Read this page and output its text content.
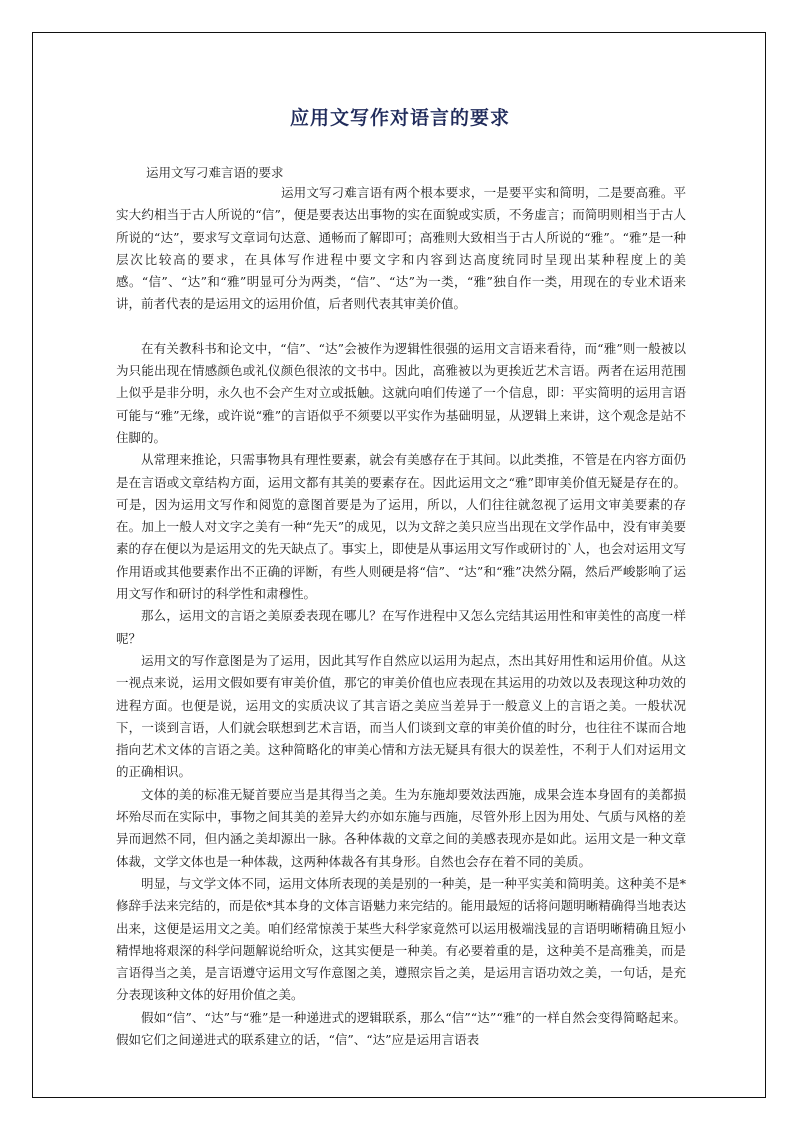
应用文写作对语言的要求
运用文写刁难言语的要求

运用文写刁难言语有两个根本要求，一是要平实和简明，二是要高雅。平实大约相当于古人所说的“信”，便是要表达出事物的实在面貌或实质，不务虚言；而简明则相当于古人所说的“达”，要求写文章词句达意、通畅而了解即可；高雅则大致相当于古人所说的“雅”。“雅”是一种层次比较高的要求，在具体写作进程中要文字和内容到达高度统同时呈现出某种程度上的美感。“信”、“达”和“雅”明显可分为两类，“信”、“达”为一类，“雅”独自作一类，用现在的专业术语来讲，前者代表的是运用文的运用价值，后者则代表其审美价值。

在有关教科书和论文中，“信”、“达”会被作为逻辑性很强的运用文言语来看待，而“雅”则一般被以为只能出现在情感颜色或礼仪颜色很浓的文书中。因此，高雅被以为更挨近艺术言语。两者在运用范围上似乎是非分明，永久也不会产生对立或抵触。这就向咱们传递了一个信息，即：平实简明的运用言语可能与“雅”无缘，或许说“雅”的言语似乎不须要以平实作为基础明显，从逻辑上来讲，这个观念是站不住脚的。

从常理来推论，只需事物具有理性要素，就会有美感存在于其间。以此类推，不管是在内容方面仍是在言语或文章结构方面，运用文都有其美的要素存在。因此运用文之“雅”即审美价值无疑是存在的。可是，因为运用文写作和阅览的意图首要是为了运用，所以，人们往往就忽视了运用文审美要素的存在。加上一般人对文字之美有一种“先天”的成见，以为文辞之美只应当出现在文学作品中，没有审美要素的存在便以为是运用文的先天缺点了。事实上，即使是从事运用文写作或研讨的`人，也会对运用文写作用语或其他要素作出不正确的评断，有些人则硬是将“信”、“达”和“雅”决然分隔，然后严峻影响了运用文写作和研讨的科学性和肃穆性。

那么，运用文的言语之美原委表现在哪儿？在写作进程中又怎么完结其运用性和审美性的高度一样呢？

运用文的写作意图是为了运用，因此其写作自然应以运用为起点，杰出其好用性和运用价值。从这一视点来说，运用文假如要有审美价值，那它的审美价值也应表现在其运用的功效以及表现这种功效的进程方面。也便是说，运用文的实质决议了其言语之美应当差异于一般意义上的言语之美。一般状况下，一谈到言语，人们就会联想到艺术言语，而当人们谈到文章的审美价值的时分，也往往不谋而合地指向艺术文体的言语之美。这种简略化的审美心情和方法无疑具有很大的误差性，不利于人们对运用文的正确相识。

文体的美的标准无疑首要应当是其得当之美。生为东施却要效法西施，成果会连本身固有的美都损坏殆尽而在实际中，事物之间其美的差异大约亦如东施与西施，尽管外形上因为用处、气质与风格的差异而迥然不同，但内涵之美却源出一脉。各种体裁的文章之间的美感表现亦是如此。运用文是一种文章体裁，文学文体也是一种体裁，这两种体裁各有其身形。自然也会存在着不同的美质。

明显，与文学文体不同，运用文体所表现的美是别的一种美，是一种平实美和简明美。这种美不是*修辞手法来完结的，而是依*其本身的文体言语魅力来完结的。能用最短的话将问题明晰精确得当地表达出来，这便是运用文之美。咱们经常惊羡于某些大科学家竟然可以运用极端浅显的言语明晰精确且短小精悍地将艰深的科学问题解说给听众，这其实便是一种美。有必要着重的是，这种美不是高雅美，而是言语得当之美，是言语遵守运用文写作意图之美，遵照宗旨之美，是运用言语功效之美，一句话，是充分表现该种文体的好用价值之美。

假如“信”、“达”与“雅”是一种递进式的逻辑联系，那么“信”“达”“雅”的一样自然会变得简略起来。假如它们之间递进式的联系建立的话，“信”、“达”应是运用言语表
